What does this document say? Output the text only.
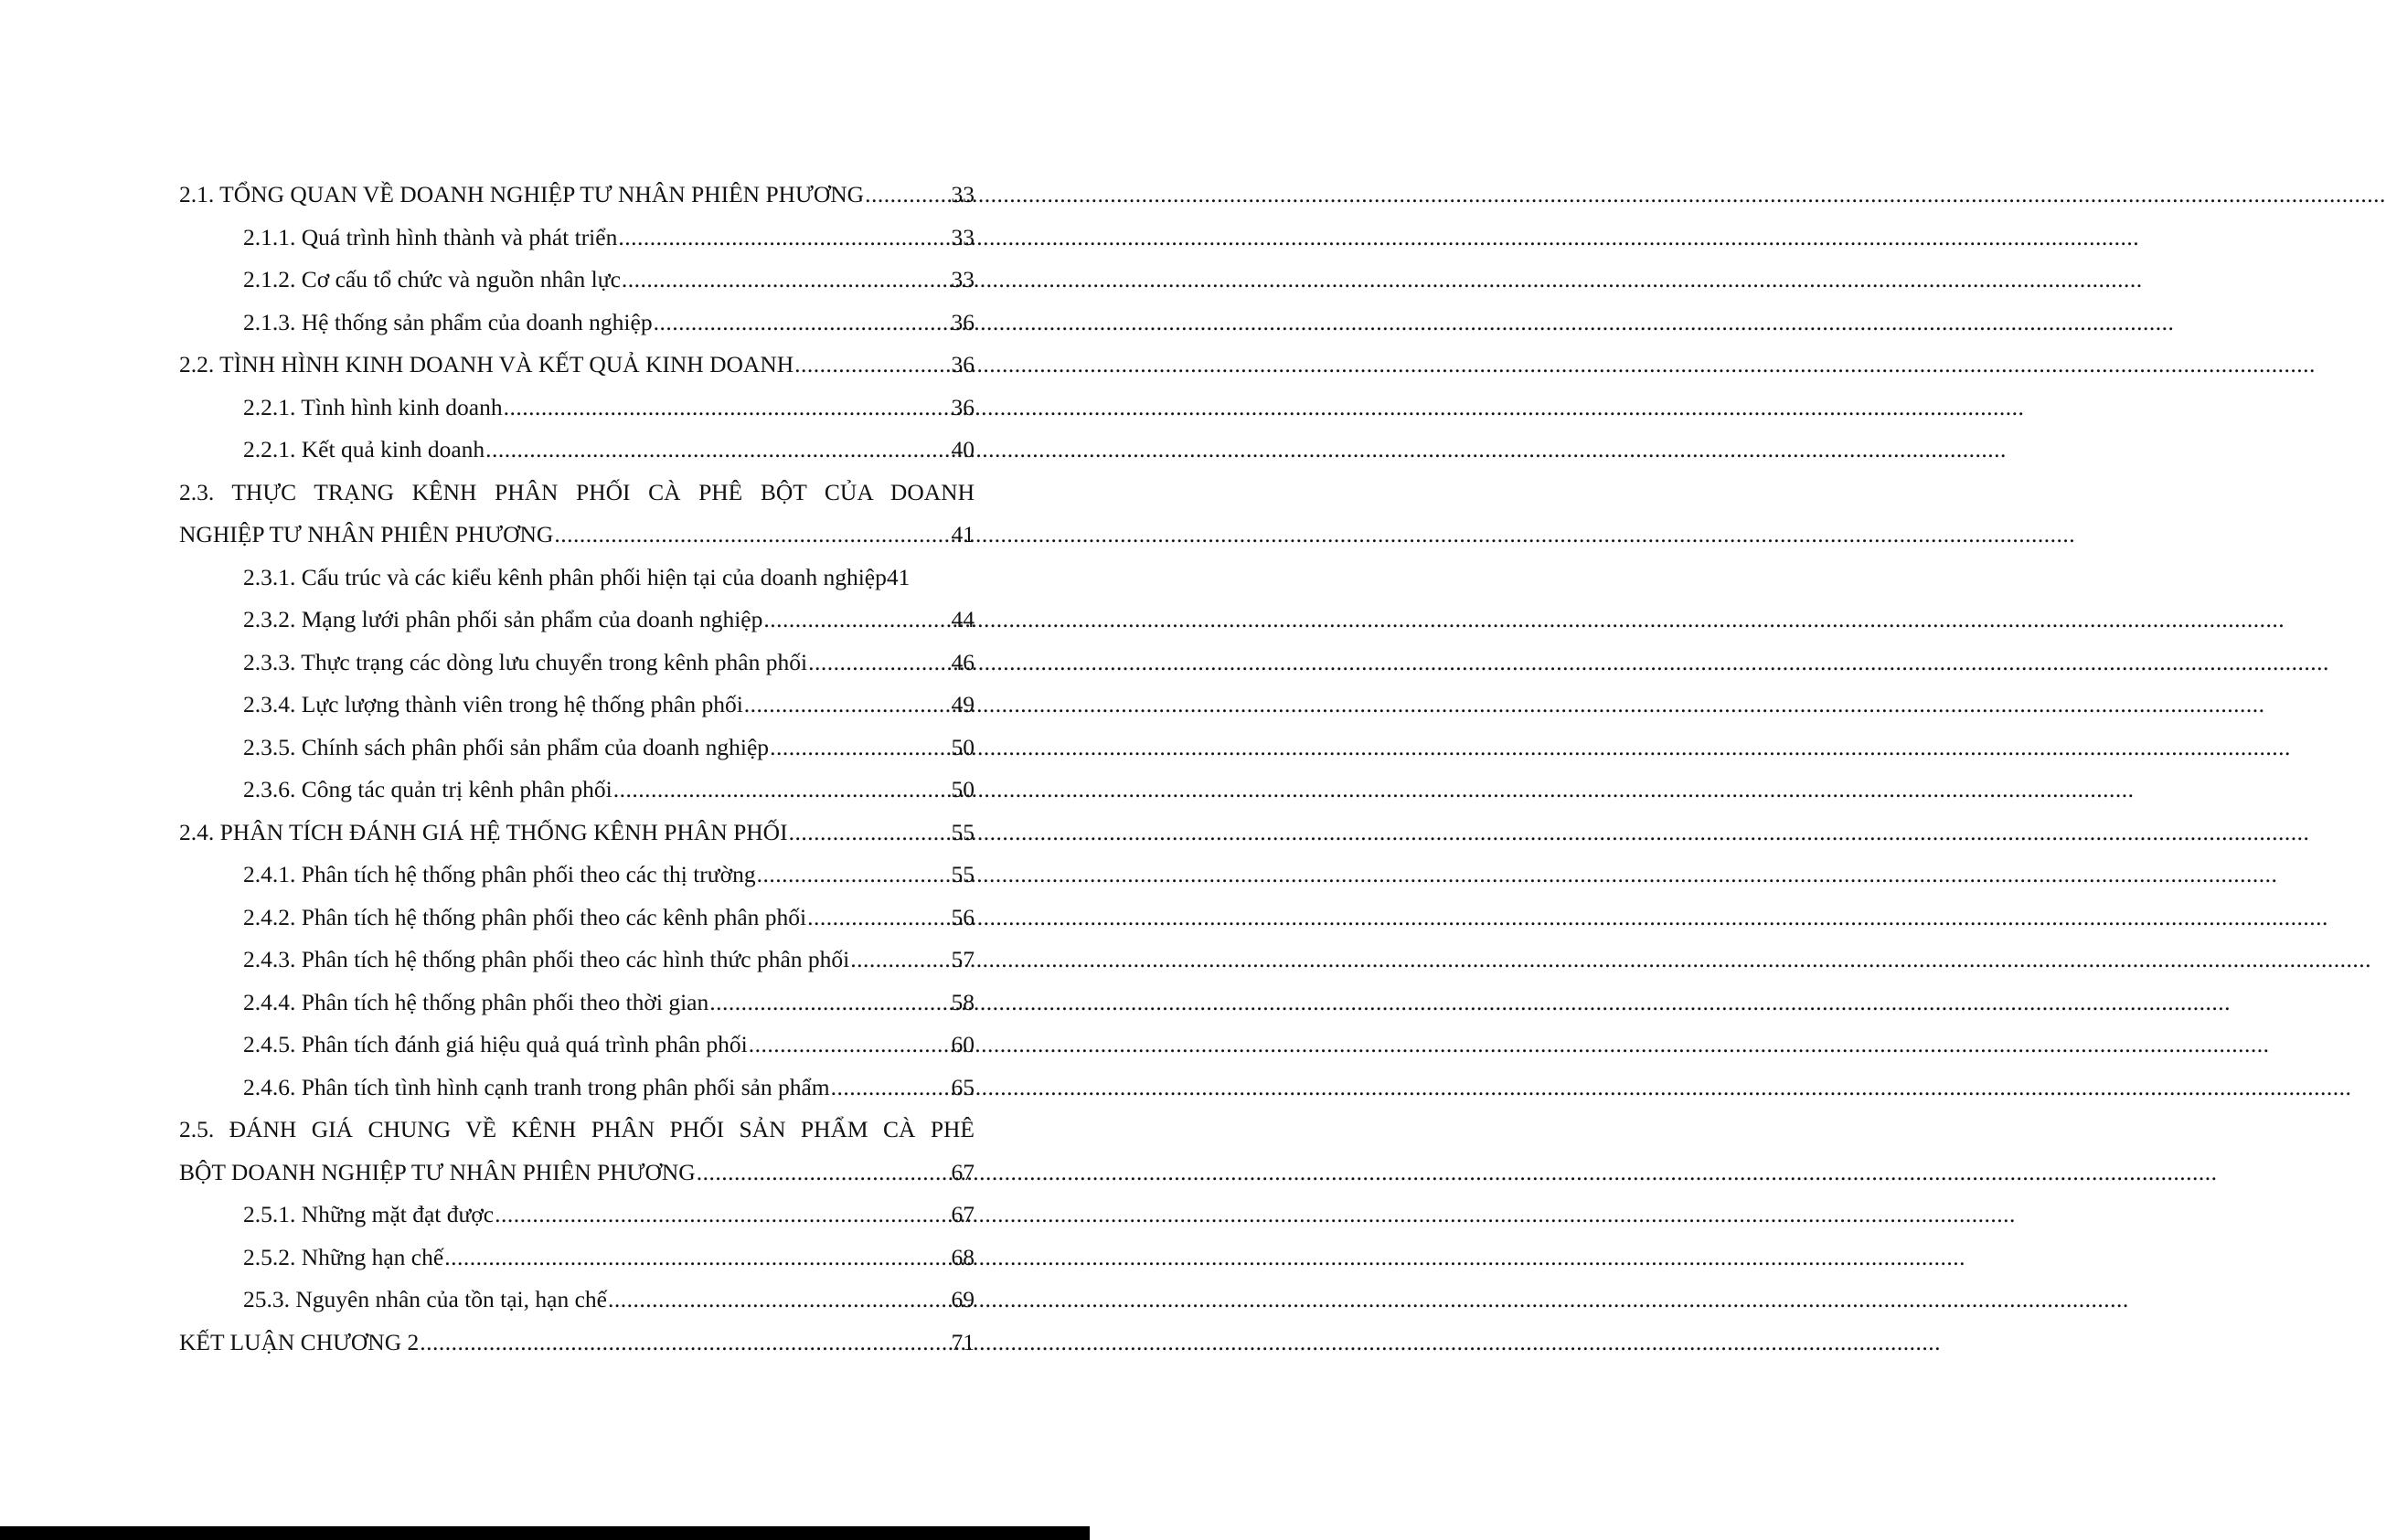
2.1. TỔNG QUAN VỀ DOANH NGHIỆP TƯ NHÂN PHIÊN PHƯƠNG .....	33
2.1.1. Quá trình hình thành và phát triển .....	33
2.1.2. Cơ cấu tổ chức và nguồn nhân lực .....	33
2.1.3. Hệ thống sản phẩm của doanh nghiệp .....	36
2.2. TÌNH HÌNH KINH DOANH VÀ KẾT QUẢ KINH DOANH .....	36
2.2.1. Tình hình kinh doanh .....	36
2.2.1. Kết quả kinh doanh .....	40
2.3. THỰC TRẠNG KÊNH PHÂN PHỐI CÀ PHÊ BỘT CỦA DOANH
NGHIỆP TƯ NHÂN PHIÊN PHƯƠNG .....	41
2.3.1. Cấu trúc và các kiểu kênh phân phối hiện tại của doanh nghiệp 41
2.3.2. Mạng lưới phân phối sản phẩm của doanh nghiệp .....	44
2.3.3. Thực trạng các dòng lưu chuyển trong kênh phân phối .....	46
2.3.4. Lực lượng thành viên trong hệ thống phân phối .....	49
2.3.5. Chính sách phân phối sản phẩm của doanh nghiệp .....	50
2.3.6. Công tác quản trị kênh phân phối .....	50
2.4. PHÂN TÍCH ĐÁNH GIÁ HỆ THỐNG KÊNH PHÂN PHỐI .....	55
2.4.1. Phân tích hệ thống phân phối theo các thị trường .....	55
2.4.2. Phân tích hệ thống phân phối theo các kênh phân phối .....	56
2.4.3. Phân tích hệ thống phân phối theo các hình thức phân phối .....	57
2.4.4. Phân tích hệ thống phân phối theo thời gian .....	58
2.4.5. Phân tích đánh giá hiệu quả quá trình phân phối .....	60
2.4.6. Phân tích tình hình cạnh tranh trong phân phối sản phẩm .....	65
2.5. ĐÁNH GIÁ CHUNG VỀ KÊNH PHÂN PHỐI SẢN PHẨM CÀ PHÊ
BỘT DOANH NGHIỆP TƯ NHÂN PHIÊN PHƯƠNG .....	67
2.5.1. Những mặt đạt được .....	67
2.5.2. Những hạn chế .....	68
25.3. Nguyên nhân của tồn tại, hạn chế .....	69
KẾT LUẬN CHƯƠNG 2 .....	71
